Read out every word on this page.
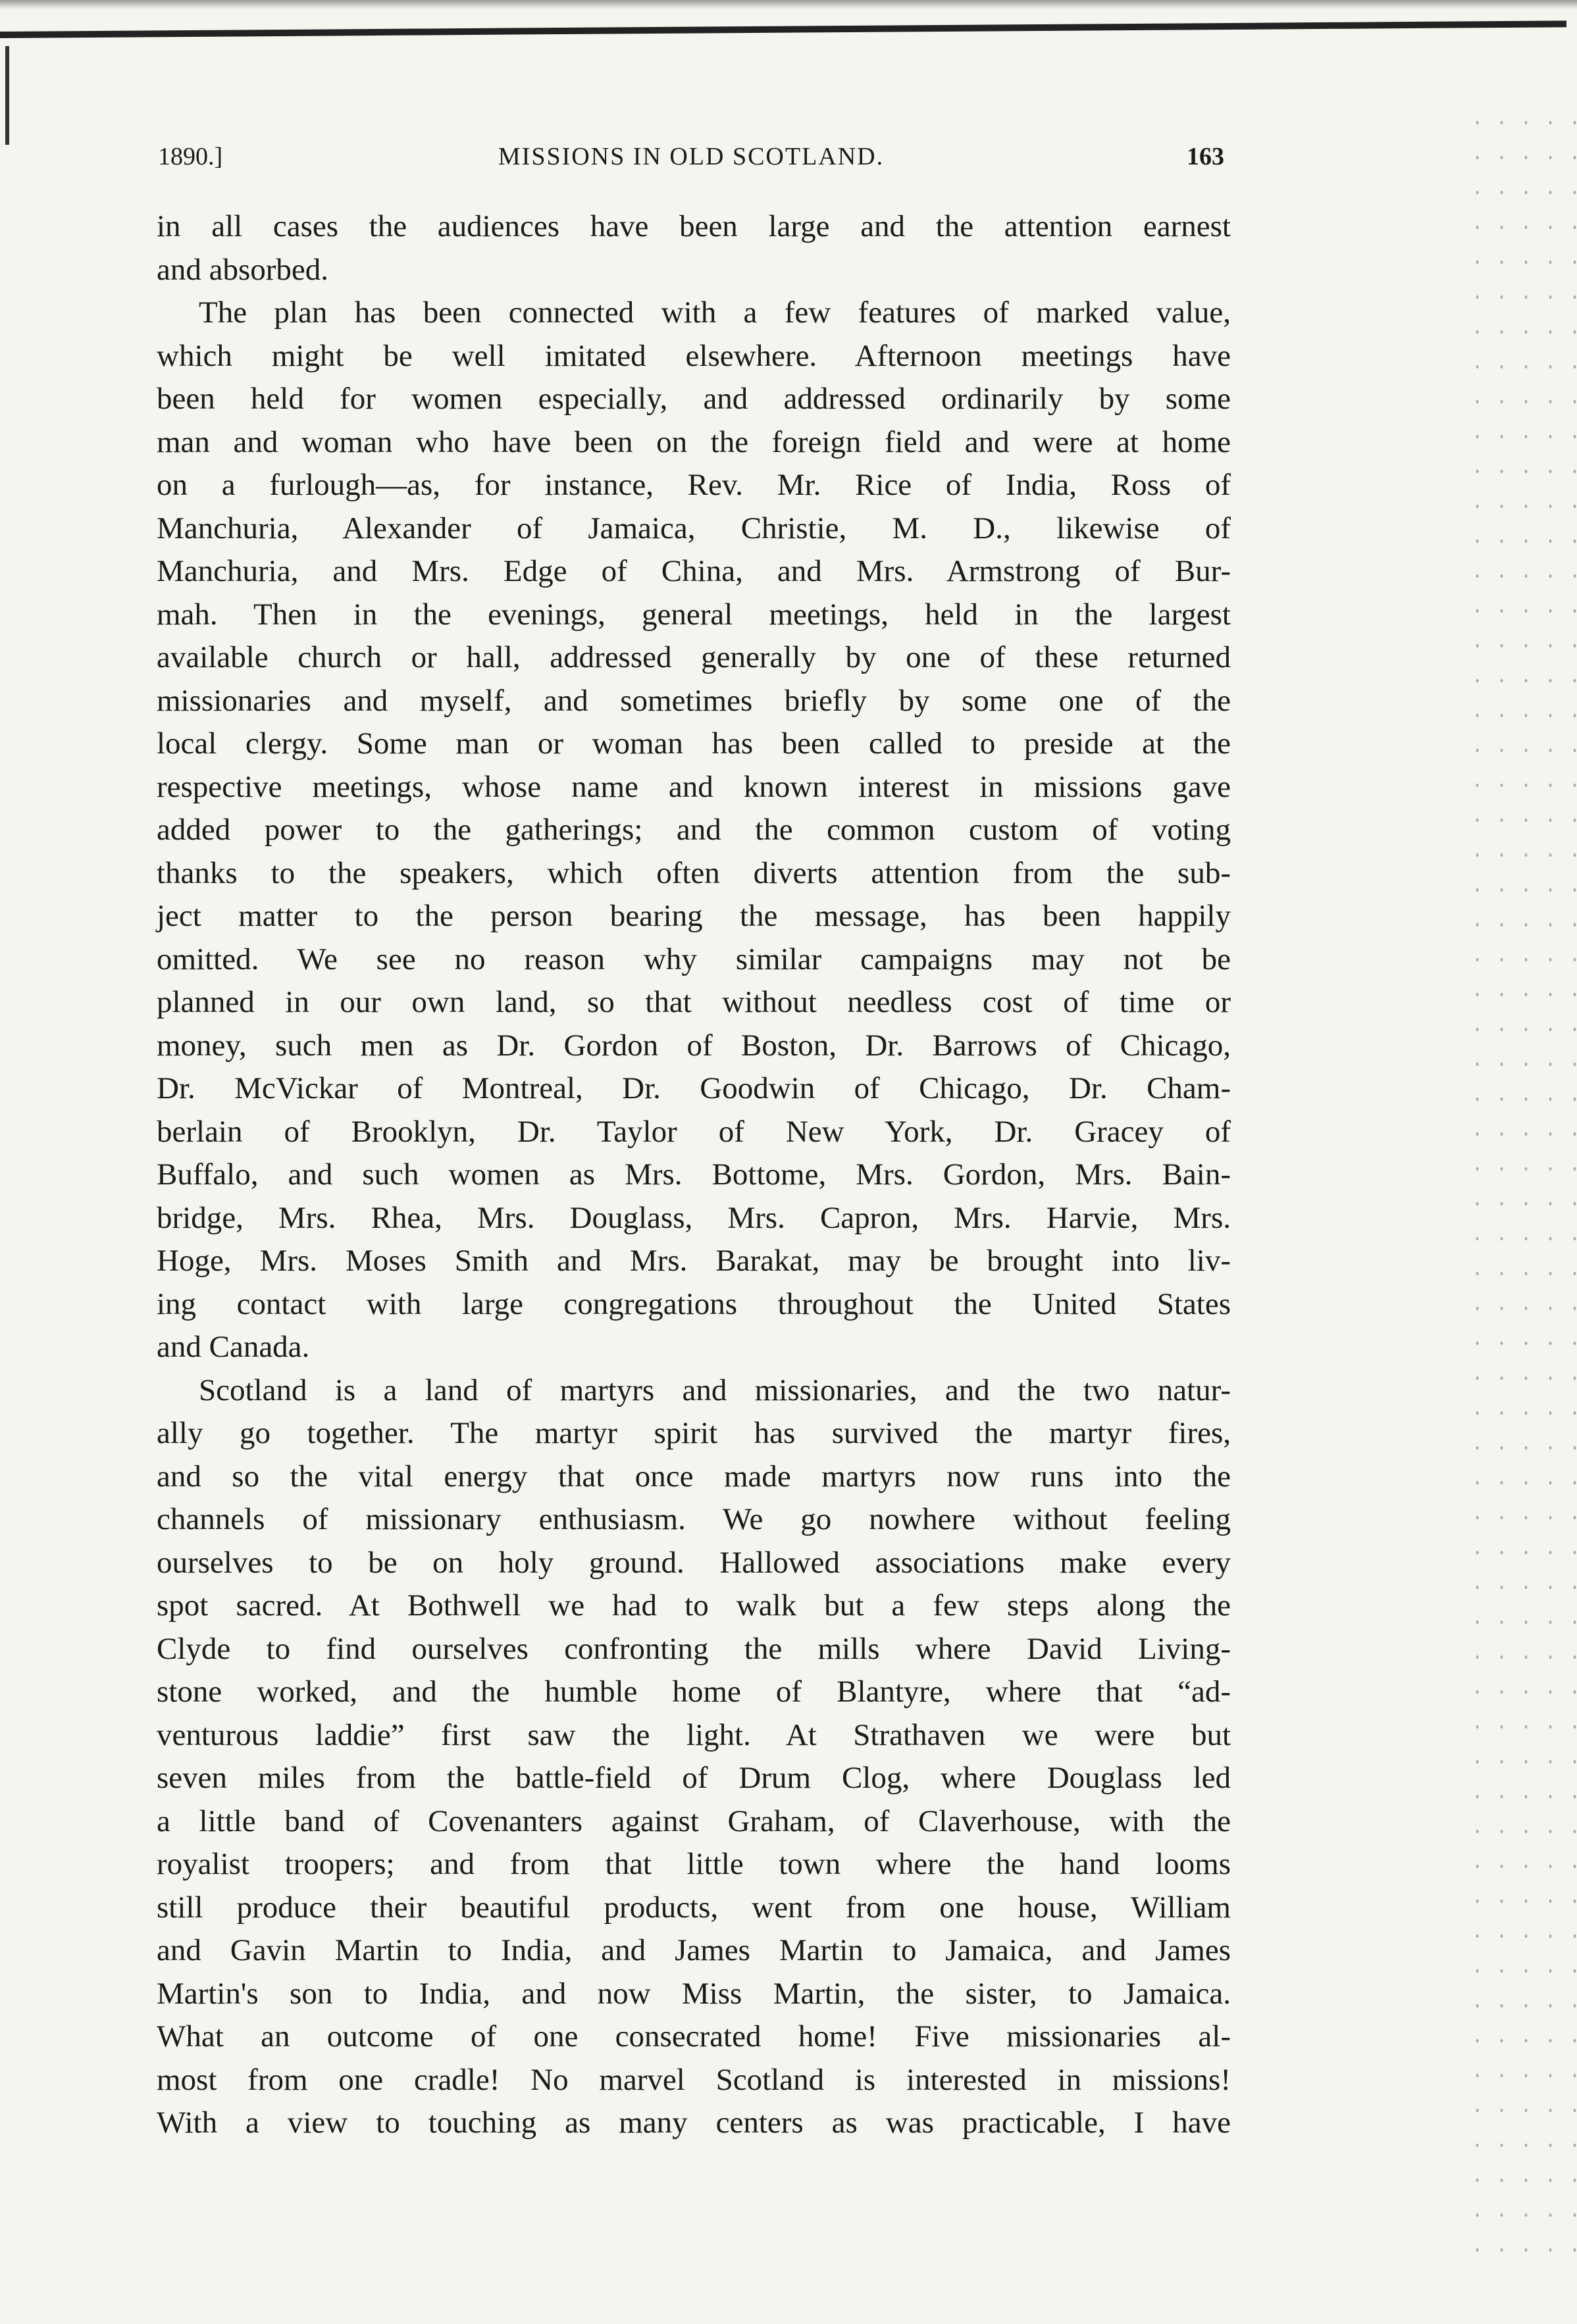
1890.]	MISSIONS IN OLD SCOTLAND.	163
in all cases the audiences have been large and the attention earnest
and absorbed.
The plan has been connected with a few features of marked value,
which might be well imitated elsewhere. Afternoon meetings have
been held for women especially, and addressed ordinarily by some
man and woman who have been on the foreign field and were at home
on a furlough—as, for instance, Rev. Mr. Rice of India, Ross of
Manchuria, Alexander of Jamaica, Christie, M. D., likewise of
Manchuria, and Mrs. Edge of China, and Mrs. Armstrong of Bur-
mah. Then in the evenings, general meetings, held in the largest
available church or hall, addressed generally by one of these returned
missionaries and myself, and sometimes briefly by some one of the
local clergy. Some man or woman has been called to preside at the
respective meetings, whose name and known interest in missions gave
added power to the gatherings; and the common custom of voting
thanks to the speakers, which often diverts attention from the sub-
ject matter to the person bearing the message, has been happily
omitted. We see no reason why similar campaigns may not be
planned in our own land, so that without needless cost of time or
money, such men as Dr. Gordon of Boston, Dr. Barrows of Chicago,
Dr. McVickar of Montreal, Dr. Goodwin of Chicago, Dr. Cham-
berlain of Brooklyn, Dr. Taylor of New York, Dr. Gracey of
Buffalo, and such women as Mrs. Bottome, Mrs. Gordon, Mrs. Bain-
bridge, Mrs. Rhea, Mrs. Douglass, Mrs. Capron, Mrs. Harvie, Mrs.
Hoge, Mrs. Moses Smith and Mrs. Barakat, may be brought into liv-
ing contact with large congregations throughout the United States
and Canada.
Scotland is a land of martyrs and missionaries, and the two natur-
ally go together. The martyr spirit has survived the martyr fires,
and so the vital energy that once made martyrs now runs into the
channels of missionary enthusiasm. We go nowhere without feeling
ourselves to be on holy ground. Hallowed associations make every
spot sacred. At Bothwell we had to walk but a few steps along the
Clyde to find ourselves confronting the mills where David Living-
stone worked, and the humble home of Blantyre, where that “ad-
venturous laddie” first saw the light. At Strathaven we were but
seven miles from the battle-field of Drum Clog, where Douglass led
a little band of Covenanters against Graham, of Claverhouse, with the
royalist troopers; and from that little town where the hand looms
still produce their beautiful products, went from one house, William
and Gavin Martin to India, and James Martin to Jamaica, and James
Martin's son to India, and now Miss Martin, the sister, to Jamaica.
What an outcome of one consecrated home! Five missionaries al-
most from one cradle! No marvel Scotland is interested in missions!
With a view to touching as many centers as was practicable, I have
